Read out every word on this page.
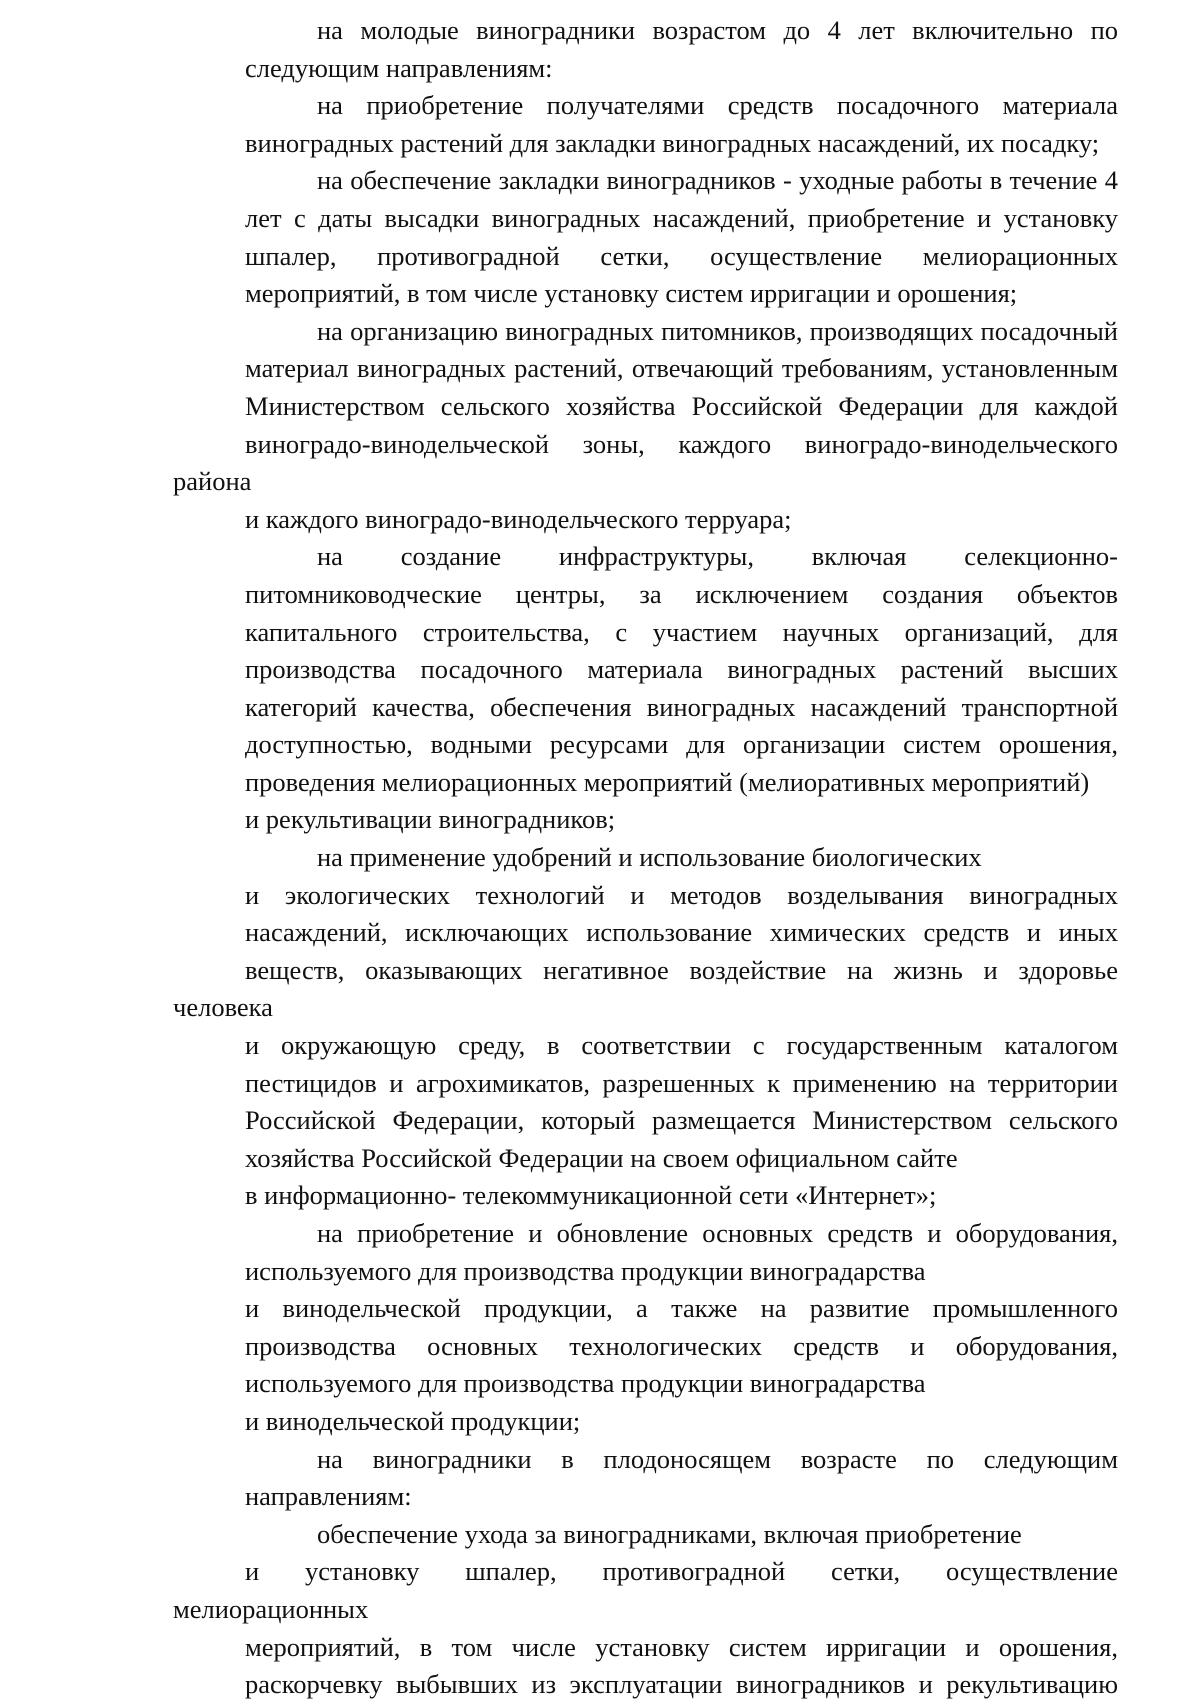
на молодые виноградники возрастом до 4 лет включительно по
следующим направлениям:
на приобретение получателями средств посадочного материала
виноградных растений для закладки виноградных насаждений, их посадку;
на обеспечение закладки виноградников - уходные работы в течение 4
лет с даты высадки виноградных насаждений, приобретение и установку
шпалер, противоградной сетки, осуществление мелиорационных
мероприятий, в том числе установку систем ирригации и орошения;
на организацию виноградных питомников, производящих посадочный
материал виноградных растений, отвечающий требованиям, установленным
Министерством сельского хозяйства Российской Федерации для каждой
виноградо-винодельческой зоны, каждого виноградо-винодельческого района
и каждого виноградо-винодельческого терруара;
на создание инфраструктуры, включая селекционно-
питомниководческие центры, за исключением создания объектов
капитального строительства, с участием научных организаций, для
производства посадочного материала виноградных растений высших
категорий качества, обеспечения виноградных насаждений транспортной
доступностью, водными ресурсами для организации систем орошения,
проведения мелиорационных мероприятий (мелиоративных мероприятий)
и рекультивации виноградников;
на применение удобрений и использование биологических
и экологических технологий и методов возделывания виноградных
насаждений, исключающих использование химических средств и иных
веществ, оказывающих негативное воздействие на жизнь и здоровье человека
и окружающую среду, в соответствии с государственным каталогом
пестицидов и агрохимикатов, разрешенных к применению на территории
Российской Федерации, который размещается Министерством сельского
хозяйства Российской Федерации на своем официальном сайте
в информационно- телекоммуникационной сети «Интернет»;
на приобретение и обновление основных средств и оборудования,
используемого для производства продукции виноградарства
и винодельческой продукции, а также на развитие промышленного
производства основных технологических средств и оборудования,
используемого для производства продукции виноградарства
и винодельческой продукции;
на виноградники в плодоносящем возрасте по следующим
направлениям:
обеспечение ухода за виноградниками, включая приобретение
и установку шпалер, противоградной сетки, осуществление мелиорационных
мероприятий, в том числе установку систем ирригации и орошения,
раскорчевку выбывших из эксплуатации виноградников и рекультивацию
